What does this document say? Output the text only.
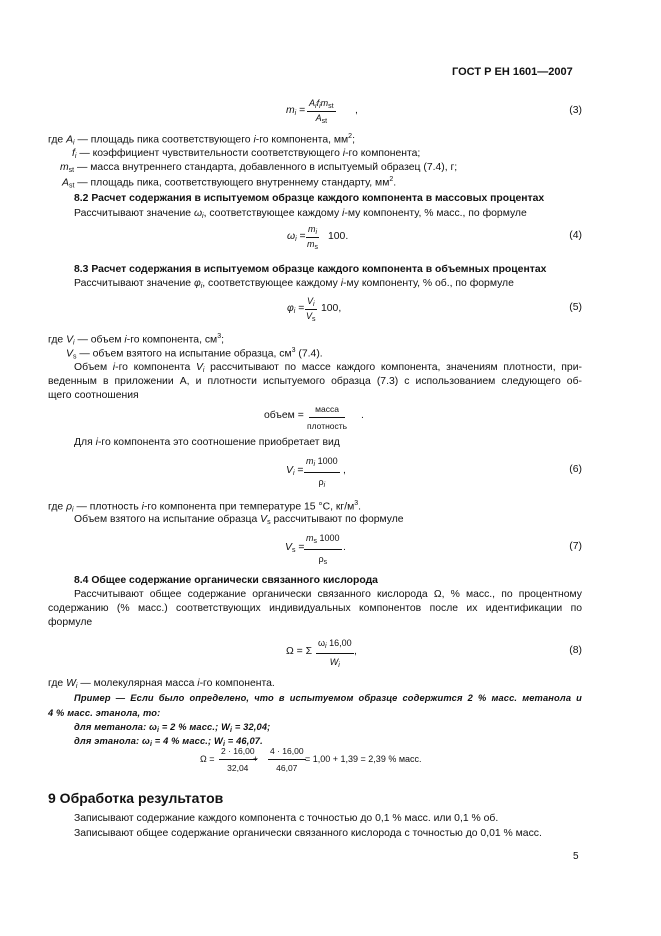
ГОСТ Р ЕН 1601—2007
$m_i$ =
$A_if_im_{st}$
$A_{st}$
,	(3)
где $A_i$ — площадь пика соответствующего i-го компонента, $мм^2$;
$f_i$ — коэффициент чувствительности соответствующего i-го компонента;
$m_{st}$ — масса внутреннего стандарта, добавленного в испытуемый образец (7.4), г;
$A_{st}$ — площадь пика, соответствующего внутреннему стандарту, $мм^2$.
8.2 Расчет содержания в испытуемом образце каждого компонента в массовых процентах
Рассчитывают значение $\omega_i$, соответствующее каждому i-му компоненту, % масс., по формуле
$\omega_i = \frac{m_i}{m_s} 100$.	(4)
8.3 Расчет содержания в испытуемом образце каждого компонента в объемных процентах
Рассчитывают значение $\varphi_i$, соответствующее каждому i-му компоненту, % об., по формуле
$\varphi_i = \frac{V_i}{V_s} 100$,	(5)
где $V_i$ — объем i-го компонента, $см^3$;
$V_s$ — объем взятого на испытание образца, $см^3$ (7.4).
Объем i-го компонента $V_i$ рассчитывают по массе каждого компонента, значениям плотности, при-
веденным в приложении А, и плотности испытуемого образца (7.3) с использованием следующего об-
щего соотношения
объем =
масса
плотность
.
Для i-го компонента это соотношение приобретает вид
$V_i = \frac{m_i 1000}{\rho_i}$ ,	(6)
где $\rho_i$ — плотность i-го компонента при температуре 15 °С, $кг/м^3$.
Объем взятого на испытание образца $V_s$ рассчитывают по формуле
$V_s = \frac{m_s 1000}{\rho_s}$ .	(7)
8.4 Общее содержание органически связанного кислорода
Рассчитывают общее содержание органически связанного кислорода Ω, % масс., по процентному
содержанию (% масс.) соответствующих индивидуальных компонентов после их идентификации по
формуле
Ω = Σ $\frac{\omega_i 16,00}{W_i}$ ,	(8)
где $W_i$ — молекулярная масса i-го компонента.
Пример — Если было определено, что в испытуемом образце содержится 2 % масс. метанола и
4 % масс. этанола, то:
для метанола: $\omega_i = 2$ % масс.; $W_i = 32,04$;
для этанола: $\omega_i = 4$ % масс.; $W_i = 46,07$.
$\Omega = \frac{2 \cdot 16,00}{32,04}$
+ $\frac{4 \cdot 16,00}{46,07} = 1,00 + 1,39 = 2,39$ % масс.
9 Обработка результатов
Записывают содержание каждого компонента с точностью до 0,1 % масс. или 0,1 % об.
Записывают общее содержание органически связанного кислорода с точностью до 0,01 % масс.
5
